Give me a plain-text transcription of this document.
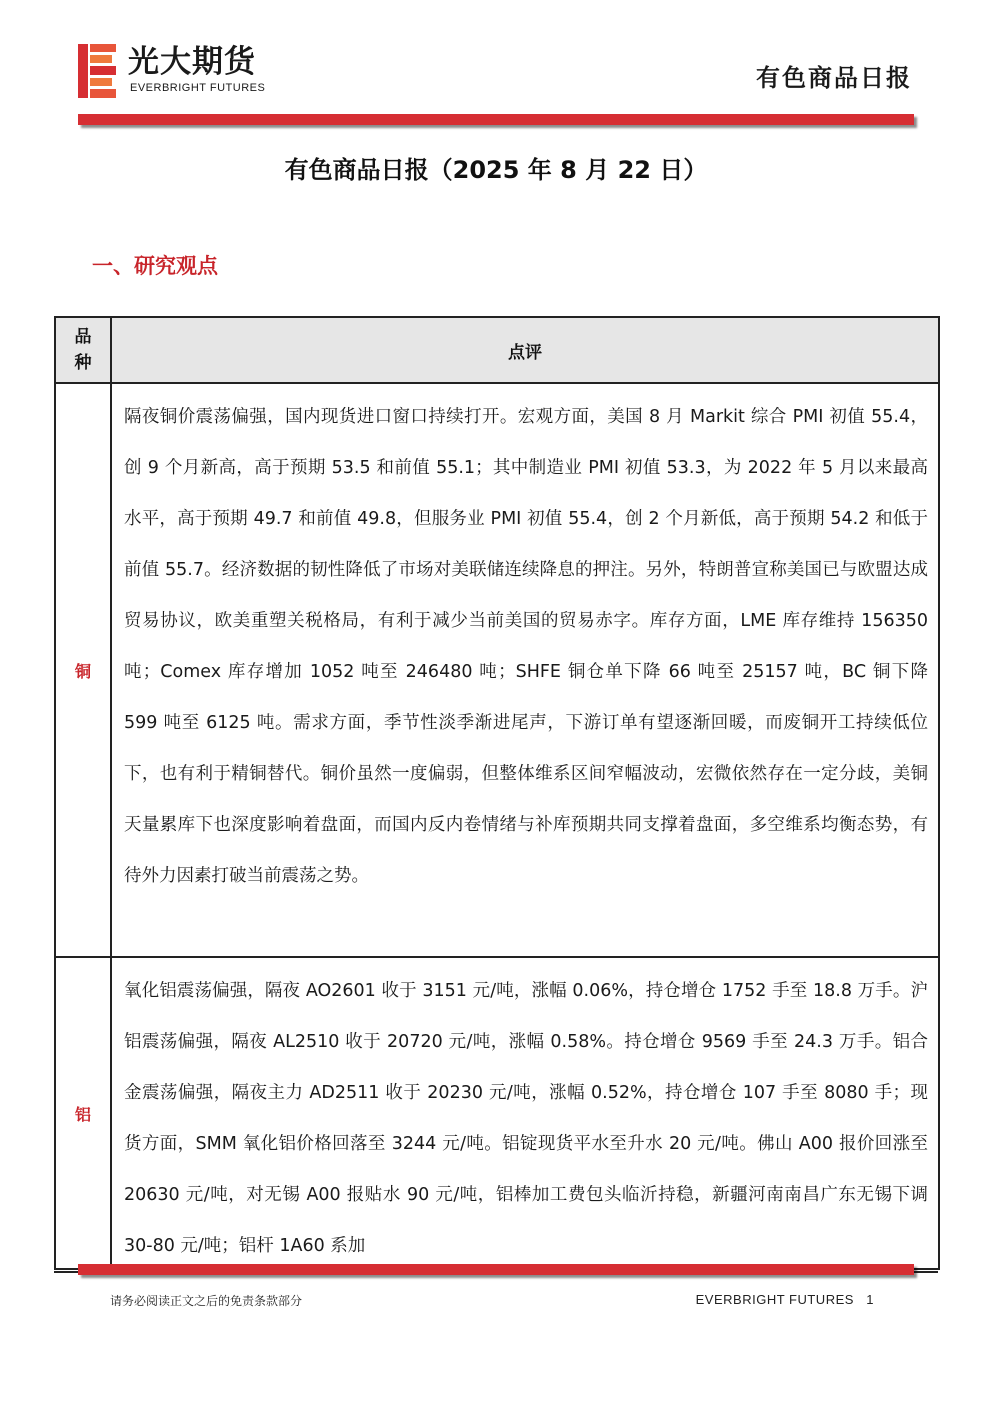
光大期货
EVERBRIGHT FUTURES	有色商品日报
有色商品日报（2025 年 8 月 22 日）
一、研究观点
品
种	点评
铜	隔夜铜价震荡偏强，国内现货进口窗口持续打开。宏观方面，美国 8 月 Markit 综合 PMI 初值 55.4，创 9 个月新高，高于预期 53.5 和前值 55.1；其中制造业 PMI 初值 53.3，为 2022 年 5 月以来最高水平，高于预期 49.7 和前值 49.8，但服务业 PMI 初值 55.4，创 2 个月新低，高于预期 54.2 和低于前值 55.7。经济数据的韧性降低了市场对美联储连续降息的押注。另外，特朗普宣称美国已与欧盟达成贸易协议，欧美重塑关税格局，有利于减少当前美国的贸易赤字。库存方面，LME 库存维持 156350 吨；Comex 库存增加 1052 吨至 246480 吨；SHFE 铜仓单下降 66 吨至 25157 吨，BC 铜下降 599 吨至 6125 吨。需求方面，季节性淡季渐进尾声，下游订单有望逐渐回暖，而废铜开工持续低位下，也有利于精铜替代。铜价虽然一度偏弱，但整体维系区间窄幅波动，宏微依然存在一定分歧，美铜天量累库下也深度影响着盘面，而国内反内卷情绪与补库预期共同支撑着盘面，多空维系均衡态势，有待外力因素打破当前震荡之势。
铝	氧化铝震荡偏强，隔夜 AO2601 收于 3151 元/吨，涨幅 0.06%，持仓增仓 1752 手至 18.8 万手。沪铝震荡偏强，隔夜 AL2510 收于 20720 元/吨，涨幅 0.58%。持仓增仓 9569 手至 24.3 万手。铝合金震荡偏强，隔夜主力 AD2511 收于 20230 元/吨，涨幅 0.52%，持仓增仓 107 手至 8080 手；现货方面，SMM 氧化铝价格回落至 3244 元/吨。铝锭现货平水至升水 20 元/吨。佛山 A00 报价回涨至 20630 元/吨，对无锡 A00 报贴水 90 元/吨，铝棒加工费包头临沂持稳，新疆河南南昌广东无锡下调 30-80 元/吨；铝杆 1A60 系加
请务必阅读正文之后的免责条款部分	EVERBRIGHT FUTURES 1
